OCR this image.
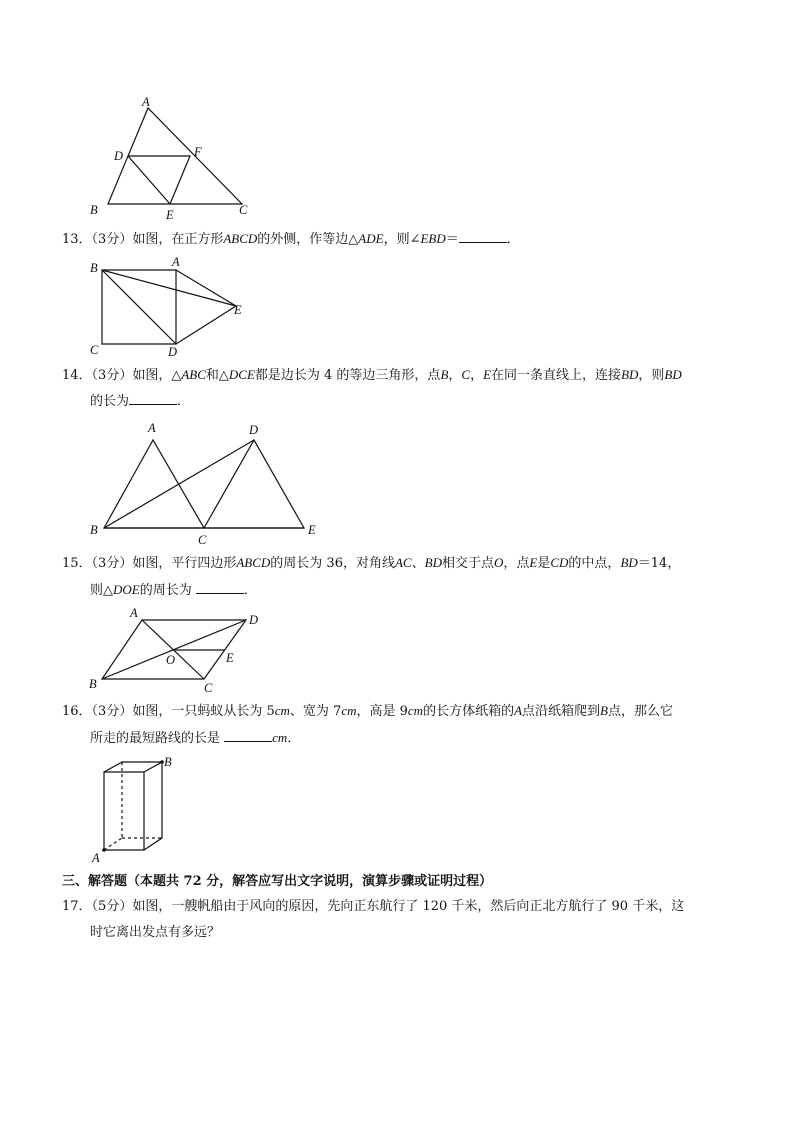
A
B	C
D
E
F
13．（3分）如图，在正方形ABCD的外侧，作等边△ADE，则∠EBD＝	．
B	A
E
C	D
14．（3分）如图，△ABC和△DCE都是边长为 4 的等边三角形，点B，C，E在同一条直线上，连接BD，则BD
的长为	．
A	D
B
C
E
15．（3分）如图，平行四边形ABCD的周长为 36，对角线AC、BD相交于点O，点E是CD的中点，BD＝14，
则△DOE的周长为	．
A	D
E
O
B	C
16．（3分）如图，一只蚂蚁从长为 5cm、宽为 7cm，高是 9cm的长方体纸箱的A点沿纸箱爬到B点，那么它
所走的最短路线的长是	cm．
B
A
三、解答题（本题共 72 分，解答应写出文字说明，演算步骤或证明过程）
17．（5分）如图，一艘帆船由于风向的原因，先向正东航行了 120 千米，然后向正北方航行了 90 千米，这
时它离出发点有多远？
